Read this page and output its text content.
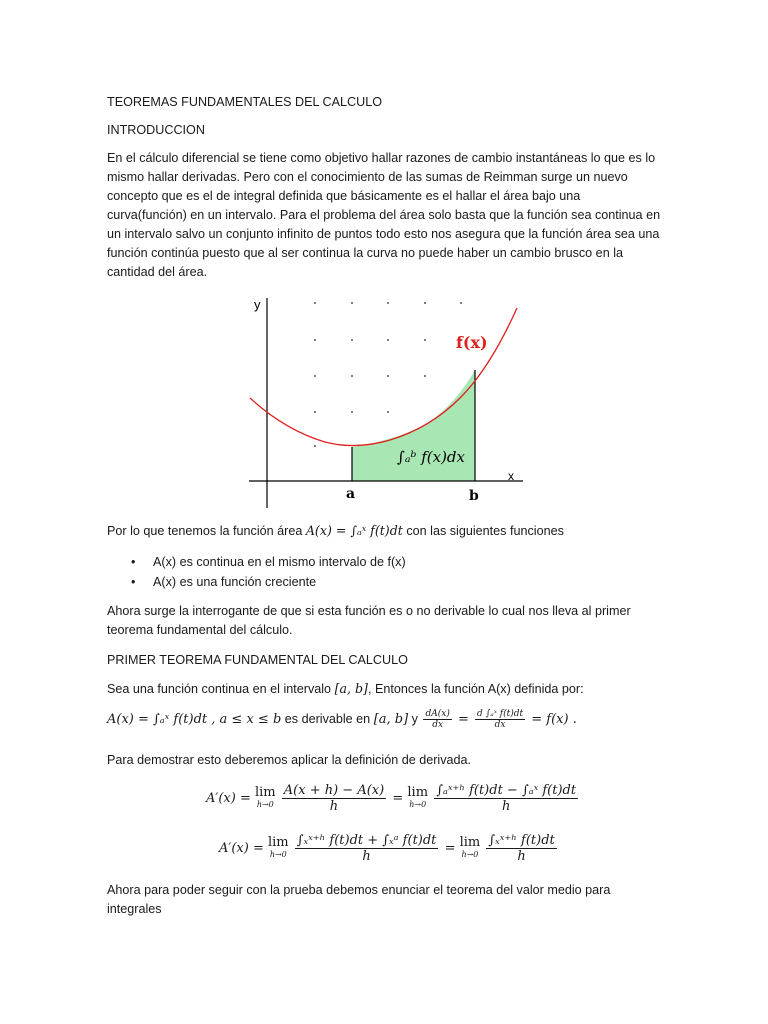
TEOREMAS FUNDAMENTALES DEL CALCULO

INTRODUCCION

En el cálculo diferencial se tiene como objetivo hallar razones de cambio instantáneas lo que es lo mismo hallar derivadas. Pero con el conocimiento de las sumas de Reimman surge un nuevo concepto que es el de integral definida que básicamente es el hallar el área bajo una curva(función) en un intervalo. Para el problema del área solo basta que la función sea continua en un intervalo salvo un conjunto infinito de puntos todo esto nos asegura que la función área sea una función continúa puesto que al ser continua la curva no puede haber un cambio brusco en la cantidad del área.

y
x
f(x)
a	b
∫ₐᵇ f(x)dx

Por lo que tenemos la función área A(x) = ∫ₐˣ f(t)dt con las siguientes funciones

• A(x) es continua en el mismo intervalo de f(x)
• A(x) es una función creciente

Ahora surge la interrogante de que si esta función es o no derivable lo cual nos lleva al primer teorema fundamental del cálculo.

PRIMER TEOREMA FUNDAMENTAL DEL CALCULO

Sea una función continua en el intervalo [a, b], Entonces la función A(x) definida por:

A(x) = ∫ₐˣ f(t)dt , a ≤ x ≤ b es derivable en [a, b] y $\frac{dA(x)}{dx} = \frac{\text{d ∫ₐˣ f(t)dt}}{dx} = f(x)$ .

Para demostrar esto deberemos aplicar la definición de derivada.

A′(x) = lim
h→0
$\frac{A(x + h) - A(x)}{h} = \lim$
h→0
$\frac{\text{∫ₐˣ⁺ʰ f(t)dt − ∫ₐˣ f(t)dt}}{h}$
A′(x) = lim
h→0
$\frac{\text{∫ₓˣ⁺ʰ f(t)dt + ∫ₓᵃ f(t)dt}}{h} = \lim$
h→0
$\frac{\text{∫ₓˣ⁺ʰ f(t)dt}}{h}$

Ahora para poder seguir con la prueba debemos enunciar el teorema del valor medio para integrales
